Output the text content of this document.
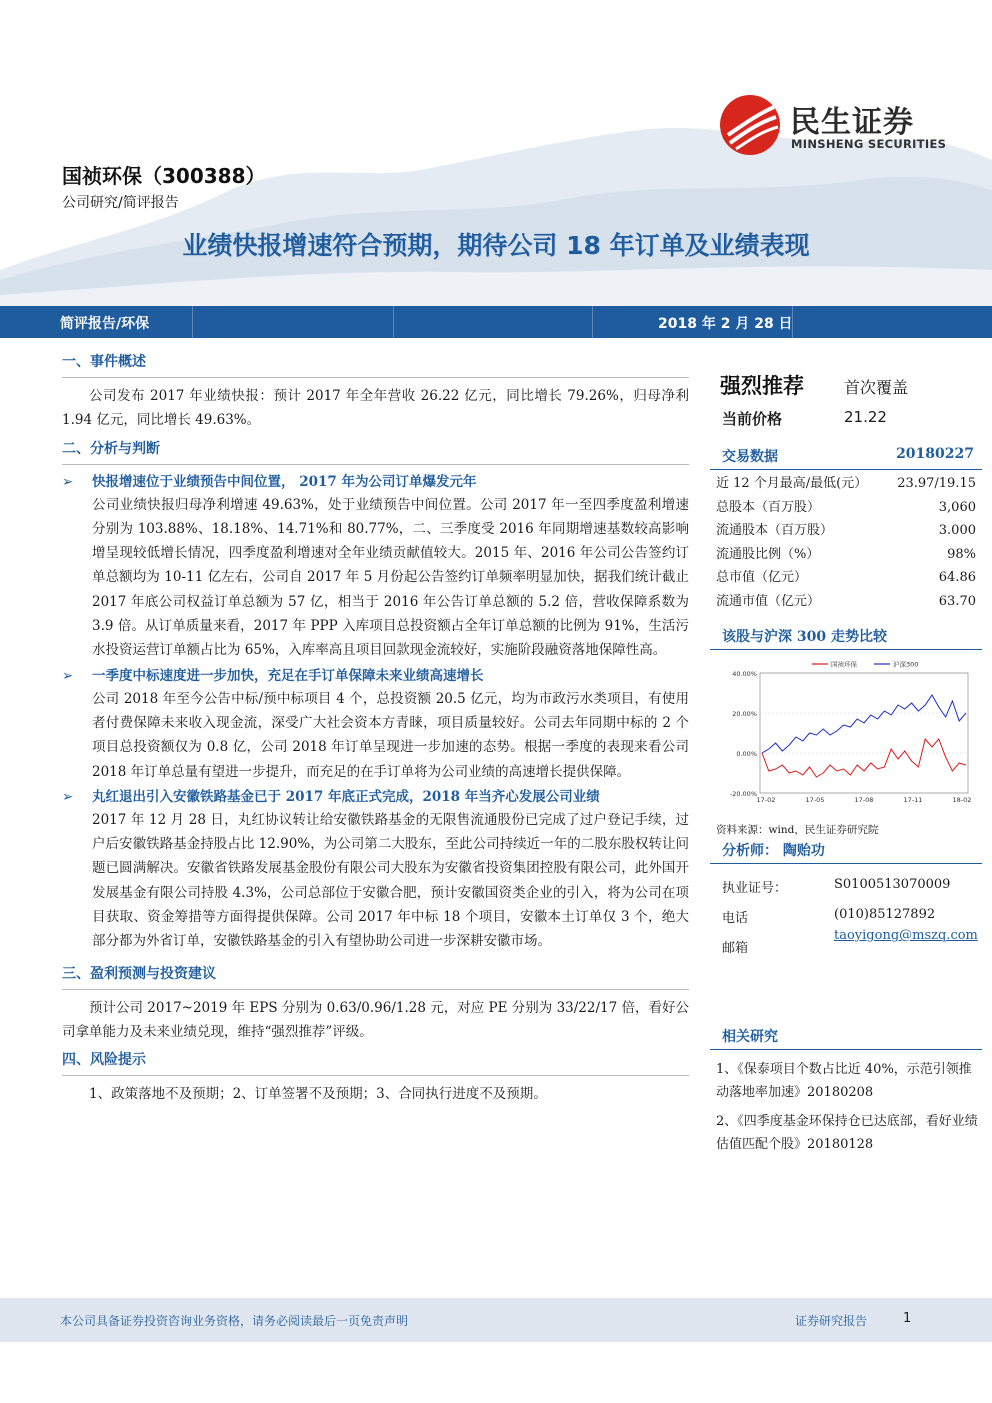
民生证券
MINSHENG SECURITIES
国祯环保（300388）
公司研究/简评报告
业绩快报增速符合预期，期待公司 18 年订单及业绩表现
简评报告/环保	2018 年 2 月 28 日
一、事件概述
公司发布 2017 年业绩快报：预计 2017 年全年营收 26.22 亿元，同比增长 79.26%，归母净利 1.94 亿元，同比增长 49.63%。
二、分析与判断
➢ 快报增速位于业绩预告中间位置， 2017 年为公司订单爆发元年
公司业绩快报归母净利增速 49.63%，处于业绩预告中间位置。公司 2017 年一至四季度盈利增速分别为 103.88%、18.18%、14.71%和 80.77%，二、三季度受 2016 年同期增速基数较高影响增呈现较低增长情况，四季度盈利增速对全年业绩贡献值较大。2015 年、2016 年公司公告签约订单总额均为 10-11 亿左右，公司自 2017 年 5 月份起公告签约订单频率明显加快，据我们统计截止 2017 年底公司权益订单总额为 57 亿，相当于 2016 年公告订单总额的 5.2 倍，营收保障系数为 3.9 倍。从订单质量来看，2017 年 PPP 入库项目总投资额占全年订单总额的比例为 91%，生活污水投资运营订单额占比为 65%，入库率高且项目回款现金流较好，实施阶段融资落地保障性高。
➢ 一季度中标速度进一步加快，充足在手订单保障未来业绩高速增长
公司 2018 年至今公告中标/预中标项目 4 个，总投资额 20.5 亿元，均为市政污水类项目，有使用者付费保障未来收入现金流，深受广大社会资本方青睐，项目质量较好。公司去年同期中标的 2 个项目总投资额仅为 0.8 亿，公司 2018 年订单呈现进一步加速的态势。根据一季度的表现来看公司 2018 年订单总量有望进一步提升，而充足的在手订单将为公司业绩的高速增长提供保障。
➢ 丸红退出引入安徽铁路基金已于 2017 年底正式完成，2018 年当齐心发展公司业绩
2017 年 12 月 28 日，丸红协议转让给安徽铁路基金的无限售流通股份已完成了过户登记手续，过户后安徽铁路基金持股占比 12.90%，为公司第二大股东，至此公司持续近一年的二股东股权转让问题已圆满解决。安徽省铁路发展基金股份有限公司大股东为安徽省投资集团控股有限公司，此外国开发展基金有限公司持股 4.3%，公司总部位于安徽合肥，预计安徽国资类企业的引入，将为公司在项目获取、资金筹措等方面得提供保障。公司 2017 年中标 18 个项目，安徽本土订单仅 3 个，绝大部分都为外省订单，安徽铁路基金的引入有望协助公司进一步深耕安徽市场。
三、盈利预测与投资建议
预计公司 2017~2019 年 EPS 分别为 0.63/0.96/1.28 元，对应 PE 分别为 33/22/17 倍，看好公司拿单能力及未来业绩兑现，维持“强烈推荐”评级。
四、风险提示
1、政策落地不及预期；2、订单签署不及预期；3、合同执行进度不及预期。
强烈推荐	首次覆盖
当前价格	21.22
交易数据	20180227
近 12 个月最高/最低(元） 23.97/19.15
总股本（百万股）	3,060
流通股本（百万股）	3.000
流通股比例（%）	98%
总市值（亿元）	64.86
流通市值（亿元）	63.70
该股与沪深 300 走势比较
40.00%
20.00%
0.00%
-20.00%
17-02	17-05	17-08	17-11	18-02
国祯环保	沪深300
资料来源：wind，民生证券研究院
分析师： 陶贻功
执业证号：	S0100513070009
电话	(010)85127892
邮箱
taoyigong@mszq.com
相关研究
1、《保泰项目个数占比近 40%，示范引领推动落地率加速》20180208
2、《四季度基金环保持仓已达底部，看好业绩估值匹配个股》20180128
本公司具备证券投资咨询业务资格，请务必阅读最后一页免责声明	证券研究报告	1
